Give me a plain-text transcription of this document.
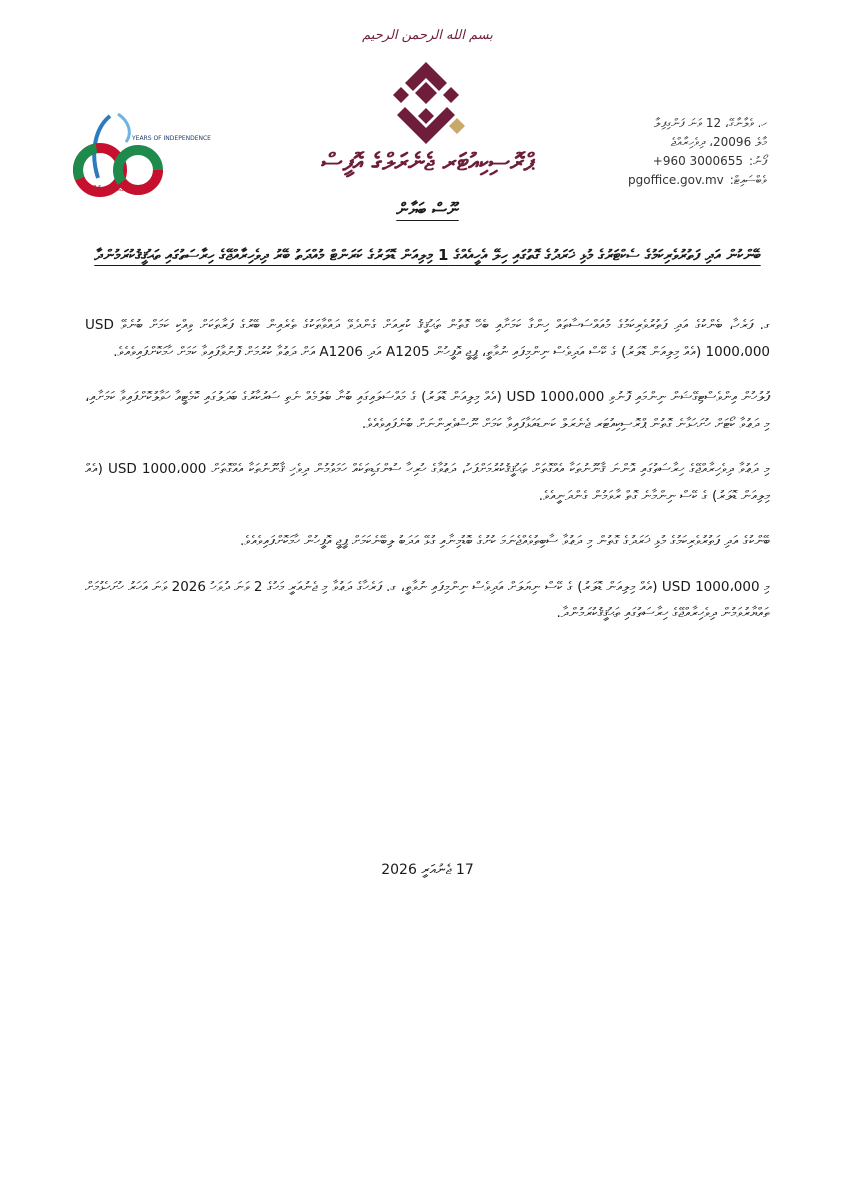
بسم الله الرحمن الرحيم
ޕްރޮސިކިއުޓަރ ޖެނެރަލްގެ އޮފީސް
YEARS OF INDEPENDENCE
ފުރިހަމަ ޤައުމަކަށް ވުން
ހ. ވެލާނާގޭ، 12 ވަނަ ފަންގިފިލާ
މާލެ 20096، ދިވެހިރާއްޖެ
ފޯނު:+960 3000655
ވެބްސައިޓް:pgoffice.gov.mv
ނޫސް ބަޔާން
ބޭންކުން އަދި ފަތުރުވެރިކަމުގެ ސެކްޓަރުގެ މުޅި ޚަރަދުގެ ގޮތުގައި ހިލޭ އެހީއެއްގެ 1 މިލިއަން ޑޮލަރުގެ ކަރަންޓް މުއްދަތު ބޭރު ދިވެހިރާއްޖޭގެ ހިރާސަތުގައި ތަޙުޤީޤުކުރަމުންދާ

ގ. ފަރެހާ، ބެންކުގެ އަދި ފަތުރުވެރިކަމުގެ މުއައްސަސާތައް ހިންގާ ކަމަށާއި ބެހޭ ގޮތުން ތަޙުޤީޤު ކުރިއަށް ގެންދެވޭ ދައްވާތަކުގެ ތެރެއިން ބޭރުގެ ފަރާތަކަށް ވިއްކި ކަމަށް ބުނެވޭ USD 1000،000 (އެއް މިލިއަން ޑޮލަރު) ގެ ކޭސް އަދިވެސް ނިންމިފައި ނުވާތީ، ޕީޖީ އޮފީހުން A1205 އަދި A1206 އަށް ދަޢުވާ ކުރުމަށް ފޮނުވާފައިވާ ކަމަށް ހާމަކޮށްފައިވެއެވެ.

ފުލުހުން އިންވެސްޓިގޭޝަން ނިންމައި ފޮނުވި USD 1000،000 (އެއް މިލިއަން ޑޮލަރު) ގެ މައްސަލައިގައި ބުނާ ބެލުމެއް ނެތި ސަރުކާރުގެ ބަދަލުގައި ކޮމެޓީއާ ހަވާލުކޮށްފައިވާ ކަމަށާއި، މި ދަޢުވާ ކޯޓަށް ހުށަހަޅާނެ ގޮތުން ޕްރޮސިކިއުޓަރ ޖެނެރަލް ކަނޑައަޅާފައިވާ ކަމަށް ނޫސްވެރިންނަށް ބުނެފައިވެއެވެ.

މި ދަޢުވާ ދިވެހިރާއްޖޭގެ ހިރާސަތުގައި އޮންނަ ޤާނޫނުތަކާ އެއްގޮތަށް ތަޙުޤީޤުކުރުމަށްފަހު، ދަޢުވާގެ ހުރިހާ ސުންގަޑިތަކެއް ހަމަވުމުން ދިވެހި ޤާނޫނުތަކާ އެއްގޮތަށް USD 1000،000 (އެއް މިލިއަން ޑޮލަރު) ގެ ކޭސް ނިންމާނެ ގޮތް ރާވަމުން ގެންދަނީއެވެ.

ބޭންކުގެ އަދި ފަތުރުވެރިކަމުގެ މުޅި ޚަރަދުގެ ގޮތުން މި ދަޢުވާ ސާބިތުވެއްޖެނަމަ ކުށުގެ ބޮޑުމިނާއި ގުޅޭ އަދަބު ލިބޭނެކަމަށް ޕީޖީ އޮފީހުން ހާމަކޮށްފައިވެއެވެ.

މި USD 1000،000 (އެއް މިލިއަން ޑޮލަރު) ގެ ކޭސް ނިޔަލަށް އަދިވެސް ނިންމިފައި ނުވާތީ، ގ. ފަރެހާގެ ދަޢުވާ މި ޖެނުއަރީ މަހުގެ 2 ވަނަ ދުވަހު 2026 ވަނަ އަހަރު ހުށަހެޅުމަށް ތައްޔާރުވަމުން ދިވެހިރާއްޖޭގެ ހިރާސަތުގައި ތަޙުޤީޤުކުރަމުންދާ.

17 ޖެނުއަރީ 2026
